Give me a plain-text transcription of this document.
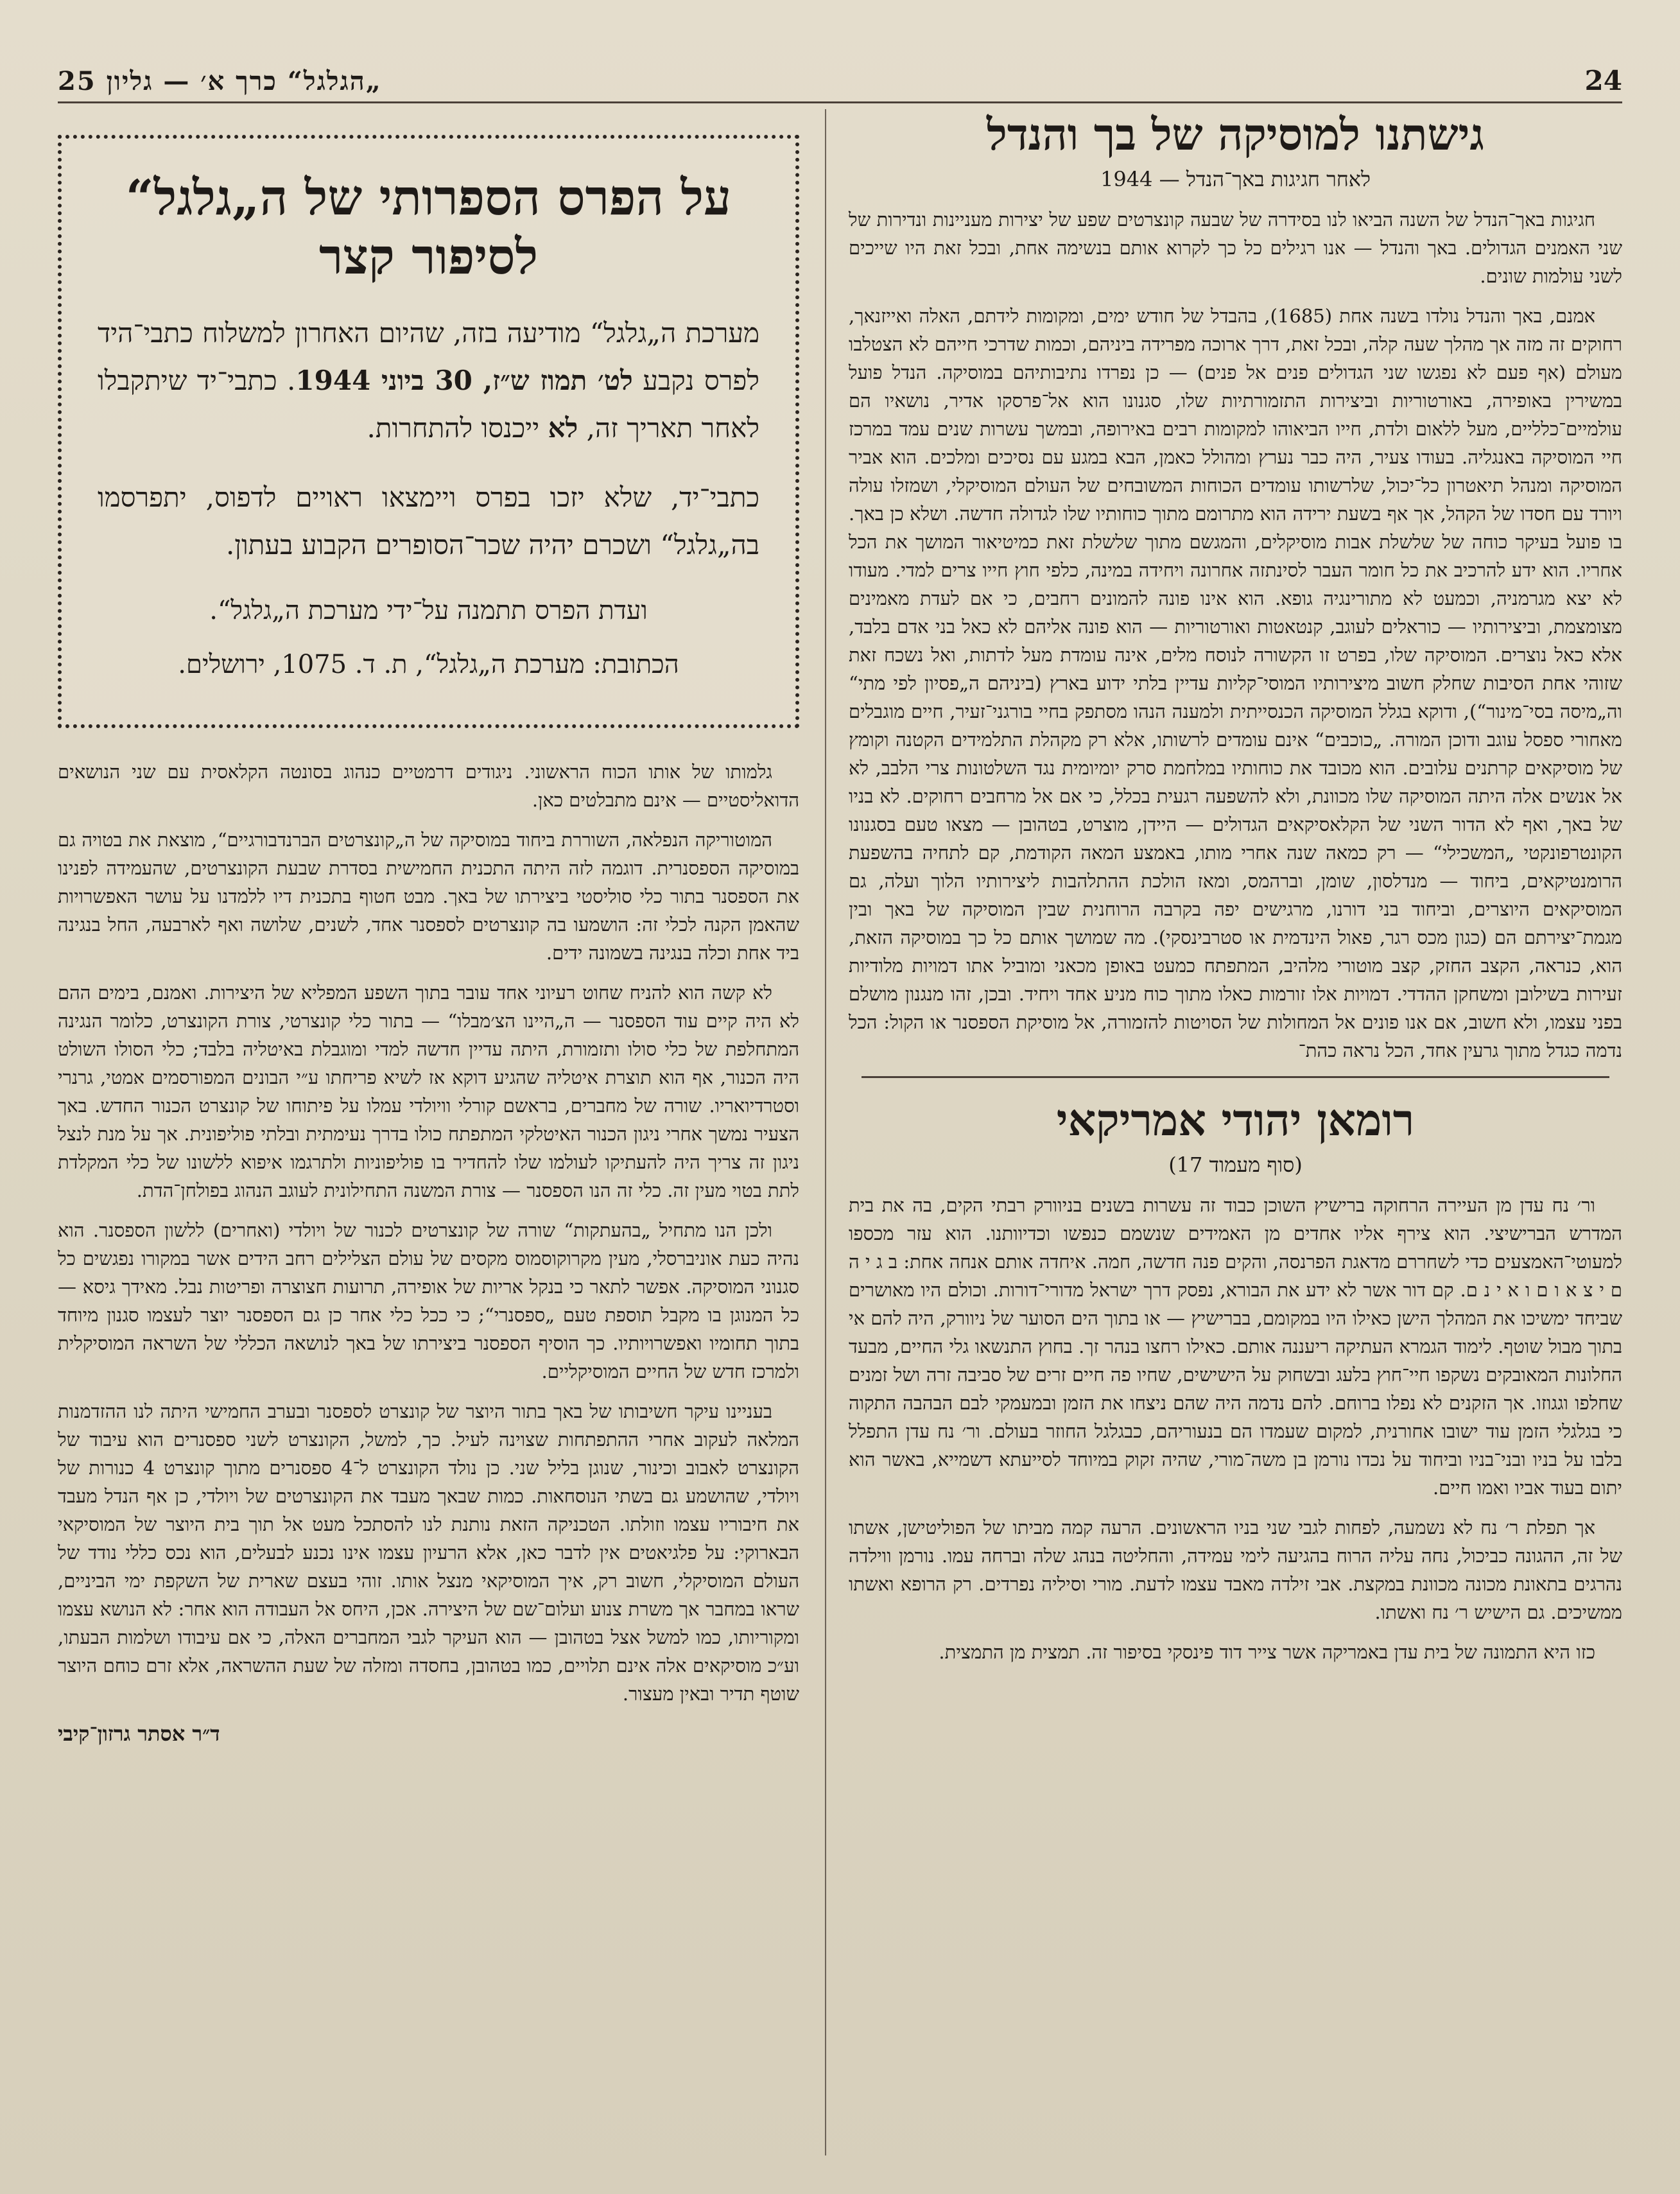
24
„הגלגל“ כרך א׳ — גליון 25
גישתנו למוסיקה של בך והנדל
לאחר חגיגות באך־הנדל — 1944

חגיגות באך־הנדל של השנה הביאו לנו בסידרה של שבעה קונצרטים שפע של יצירות מעניינות ונדירות של שני האמנים הגדולים. באך והנדל — אנו רגילים כל כך לקרוא אותם בנשימה אחת, ובכל זאת היו שייכים לשני עולמות שונים.

אמנם, באך והנדל נולדו בשנה אחת (1685), בהבדל של חודש ימים, ומקומות לידתם, האלה ואייזנאך, רחוקים זה מזה אך מהלך שעה קלה, ובכל זאת, דרך ארוכה מפרידה ביניהם, וכמות שדרכי חייהם לא הצטלבו מעולם (אף פעם לא נפגשו שני הגדולים פנים אל פנים) — כן נפרדו נתיבותיהם במוסיקה. הנדל פועל במשירין באופירה, באורטוריות וביצירות התזמורתיות שלו, סגנונו הוא אל־פרסקו אדיר, נושאיו הם עולמיים־כלליים, מעל ללאום ולדת, חייו הביאוהו למקומות רבים באירופה, ובמשך עשרות שנים עמד במרכז חיי המוסיקה באנגליה. בעודו צעיר, היה כבר נערץ ומהולל כאמן, הבא במגע עם נסיכים ומלכים. הוא אביר המוסיקה ומנהל תיאטרון כל־יכול, שלרשותו עומדים הכוחות המשובחים של העולם המוסיקלי, ושמזלו עולה ויורד עם חסדו של הקהל, אך אף בשעת ירידה הוא מתרומם מתוך כוחותיו שלו לגדולה חדשה. ושלא כן באך. בו פועל בעיקר כוחה של שלשלת אבות מוסיקלים, והמגשם מתוך שלשלת זאת כמיטיאור המושך את הכל אחריו. הוא ידע להרכיב את כל חומר העבר לסינתזה אחרונה ויחידה במינה, כלפי חוץ חייו צרים למדי. מעודו לא יצא מגרמניה, וכמעט לא מתורינגיה גופא. הוא אינו פונה להמונים רחבים, כי אם לעדת מאמינים מצומצמת, וביצירותיו — כוראלים לעוגב, קנטאטות ואורטוריות — הוא פונה אליהם לא כאל בני אדם בלבד, אלא כאל נוצרים. המוסיקה שלו, בפרט זו הקשורה לנוסח מלים, אינה עומדת מעל לדתות, ואל נשכח זאת שזוהי אחת הסיבות שחלק חשוב מיצירותיו המוסי־קליות עדיין בלתי ידוע בארץ (ביניהם ה„פסיון לפי מתי“ וה„מיסה בסי־מינור“), ודוקא בגלל המוסיקה הכנסייתית ולמענה הנהו מסתפק בחיי בורגני־זעיר, חיים מוגבלים מאחורי ספסל עוגב ודוכן המורה. „כוכבים“ אינם עומדים לרשותו, אלא רק מקהלת התלמידים הקטנה וקומץ של מוסיקאים קרתנים עלובים. הוא מכובד את כוחותיו במלחמת סרק יומיומית נגד השלטונות צרי הלבב, לא אל אנשים אלה היתה המוסיקה שלו מכוונת, ולא להשפעה רגעית בכלל, כי אם אל מרחבים רחוקים. לא בניו של באך, ואף לא הדור השני של הקלאסיקאים הגדולים — היידן, מוצרט, בטהובן — מצאו טעם בסגנונו הקונטרפונקטי „המשכילי“ — רק כמאה שנה אחרי מותו, באמצע המאה הקודמת, קם לתחיה בהשפעת הרומנטיקאים, ביחוד — מנדלסון, שומן, וברהמס, ומאז הולכת ההתלהבות ליצירותיו הלוך ועלה, גם המוסיקאים היוצרים, וביחוד בני דורנו, מרגישים יפה בקרבה הרוחנית שבין המוסיקה של באך ובין מגמת־יצירתם הם (כגון מכס רגר, פאול הינדמית או סטרבינסקי). מה שמושך אותם כל כך במוסיקה הזאת, הוא, כנראה, הקצב החזק, קצב מוטורי מלהיב, המתפתח כמעט באופן מכאני ומוביל אתו דמויות מלודיות זעירות בשילובן ומשחקן ההדדי. דמויות אלו זורמות כאלו מתוך כוח מניע אחד ויחיד. ובכן, זהו מנגנון מושלם בפני עצמו, ולא חשוב, אם אנו פונים אל המחולות של הסויטות להזמורה, אל מוסיקת הספסנר או הקול: הכל נדמה כגדל מתוך גרעין אחד, הכל נראה כהת־

רומאן יהודי אמריקאי
(סוף מעמוד 17)

ור׳ נח עדן מן העיירה הרחוקה ברישיץ השוכן כבוד זה עשרות בשנים בניוורק רבתי הקים, בה את בית המדרש הברישיצי. הוא צירף אליו אחדים מן האמידים שנשמם כנפשו וכדיוותנו. הוא עזר מכספו למעוטי־האמצעים כדי לשחררם מדאגת הפרנסה, והקים פנה חדשה, חמה. איחדה אותם אנחה אחת: ב ג י ה ם י צ א ו ם ו א י נ ם. קם דור אשר לא ידע את הבורא, נפסק דרך ישראל מדורי־דורות. וכולם היו מאושרים שביחד ימשיכו את המהלך הישן כאילו היו במקומם, בברישיץ — או בתוך הים הסוער של ניוורק, היה להם אי בתוך מבול שוטף. לימוד הגמרא העתיקה ריעננה אותם. כאילו רחצו בנהר זך. בחוץ התנשאו גלי החיים, מבעד החלונות המאובקים נשקפו חיי־חוץ בלעג ובשחוק על הישישים, שחיו פה חיים זרים של סביבה זרה ושל זמנים שחלפו וגגוזו. אך הזקנים לא נפלו ברוחם. להם נדמה היה שהם ניצחו את הזמן ובמעמקי לבם הבהבה התקוה כי בגלגלי הזמן עוד ישובו אחורנית, למקום שעמדו הם בנעוריהם, כבגלגל החוזר בעולם. ור׳ נח עדן התפלל בלבו על בניו ובני־בניו וביחוד על נכדו נורמן בן משה־מורי, שהיה זקוק במיוחד לסייעתא דשמייא, באשר הוא יתום בעוד אביו ואמו חיים.

אך תפלת ר׳ נח לא נשמעה, לפחות לגבי שני בניו הראשונים. הרעה קמה מביתו של הפוליטישן, אשתו של זה, ההגונה כביכול, נחה עליה הרוח בהגיעה לימי עמידה, והחליטה בנהג שלה וברחה עמו. נורמן ווילדה נהרגים בתאונת מכונה מכוונת במקצת. אבי זילדה מאבד עצמו לדעת. מורי וסיליה נפרדים. רק הרופא ואשתו ממשיכים. גם הישיש ר׳ נח ואשתו.

כזו היא התמונה של בית עדן באמריקה אשר צייר דוד פינסקי בסיפור זה. תמצית מן התמצית.

על הפרס הספרותי של ה„גלגל“
לסיפור קצר

מערכת ה„גלגל“ מודיעה בזה, שהיום האחרון למשלוח כתבי־היד לפרס נקבע לט׳ תמוז ש״ז, 30 ביוני 1944. כתבי־יד שיתקבלו לאחר תאריך זה, לא ייכנסו להתחרות.

כתבי־יד, שלא יזכו בפרס ויימצאו ראויים לדפוס, יתפרסמו בה„גלגל“ ושכרם יהיה שכר־הסופרים הקבוע בעתון.

ועדת הפרס תתמנה על־ידי מערכת ה„גלגל“.

הכתובת: מערכת ה„גלגל“, ת. ד. 1075, ירושלים.

גלמותו של אותו הכוח הראשוני. ניגודים דרמטיים כנהוג בסונטה הקלאסית עם שני הנושאים הדואליסטיים — אינם מתבלטים כאן.

המוטוריקה הנפלאה, השוררת ביחוד במוסיקה של ה„קונצרטים הברנדבורגיים“, מוצאת את בטויה גם במוסיקה הספסנרית. דוגמה לזה היתה התכנית החמישית בסדרת שבעת הקונצרטים, שהעמידה לפנינו את הספסנר בתור כלי סוליסטי ביצירתו של באך. מבט חטוף בתכנית דיו ללמדנו על עושר האפשרויות שהאמן הקנה לכלי זה: הושמעו בה קונצרטים לספסנר אחד, לשנים, שלושה ואף לארבעה, החל בנגינה ביד אחת וכלה בנגינה בשמונה ידים.

לא קשה הוא להניח שחוט רעיוני אחד עובר בתוך השפע המפליא של היצירות. ואמנם, בימים ההם לא היה קיים עוד הספסנר — ה„היינו הצ׳מבלו“ — בתור כלי קונצרטי, צורת הקונצרט, כלומר הנגינה המתחלפת של כלי סולו ותזמורת, היתה עדיין חדשה למדי ומוגבלת באיטליה בלבד; כלי הסולו השולט היה הכנור, אף הוא תוצרת איטליה שהגיע דוקא אז לשיא פריחתו ע״י הבונים המפורסמים אמטי, גרנרי וסטרדיואריו. שורה של מחברים, בראשם קורלי וויולדי עמלו על פיתוחו של קונצרט הכנור החדש. באך הצעיר נמשך אחרי ניגון הכנור האיטלקי המתפתח כולו בדרך נעימתית ובלתי פוליפונית. אך על מנת לנצל ניגון זה צריך היה להעתיקו לעולמו שלו להחדיר בו פוליפוניות ולתרגמו איפוא ללשונו של כלי המקלדת לתת בטוי מעין זה. כלי זה הנו הספסנר — צורת המשנה התחילונית לעוגב הנהוג בפולחן־הדת.

ולכן הנו מתחיל „בהעתקות“ שורה של קונצרטים לכנור של ויולדי (ואחרים) ללשון הספסנר. הוא נהיה כעת אוניברסלי, מעין מקרוקוסמוס מקסים של עולם הצלילים רחב הידים אשר במקורו נפגשים כל סגנוני המוסיקה. אפשר לתאר כי בנקל אריות של אופירה, תרועות חצוצרה ופריטות נבל. מאידך גיסא — כל המנוגן בו מקבל תוספת טעם „ספסנרי“; כי ככל כלי אחר כן גם הספסנר יוצר לעצמו סגנון מיוחד בתוך תחומיו ואפשרויותיו. כך הוסיף הספסנר ביצירתו של באך לנושאה הכללי של השראה המוסיקלית ולמרכז חדש של החיים המוסיקליים.

בעניינו עיקר חשיבותו של באך בתור היוצר של קונצרט לספסנר ובערב החמישי היתה לנו ההזדמנות המלאה לעקוב אחרי ההתפתחות שצוינה לעיל. כך, למשל, הקונצרט לשני ספסנרים הוא עיבוד של הקונצרט לאבוב וכינור, שנוגן בליל שני. כן נולד הקונצרט ל־4 ספסנרים מתוך קונצרט 4 כנורות של ויולדי, שהושמע גם בשתי הנוסחאות. כמות שבאך מעבד את הקונצרטים של ויולדי, כן אף הנדל מעבד את חיבוריו עצמו וזולתו. הטכניקה הזאת נותנת לנו להסתכל מעט אל תוך בית היוצר של המוסיקאי הבארוקי: על פלגיאטים אין לדבר כאן, אלא הרעיון עצמו אינו נכנע לבעלים, הוא נכס כללי נודד של העולם המוסיקלי, חשוב רק, איך המוסיקאי מנצל אותו. זוהי בעצם שארית של השקפת ימי הביניים, שראו במחבר אך משרת צנוע ועלום־שם של היצירה. אכן, היחס אל העבודה הוא אחר: לא הנושא עצמו ומקוריותו, כמו למשל אצל בטהובן — הוא העיקר לגבי המחברים האלה, כי אם עיבודו ושלמות הבעתו, וע״כ מוסיקאים אלה אינם תלויים, כמו בטהובן, בחסדה ומזלה של שעת ההשראה, אלא זרם כוחם היוצר שוטף תדיר ובאין מעצור.

ד״ר אסתר גרזון־קיבי
